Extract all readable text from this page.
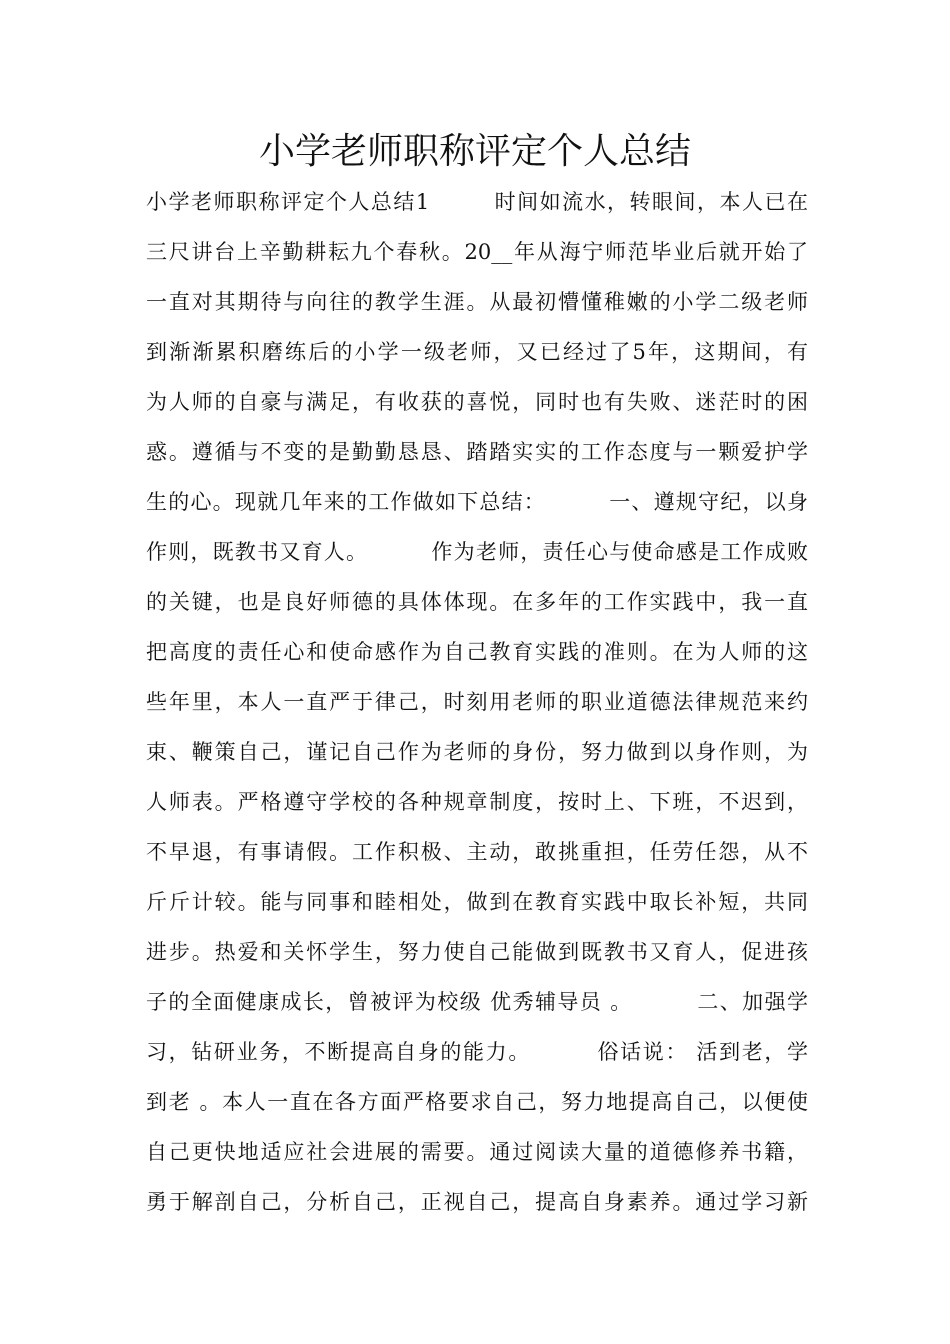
小学老师职称评定个人总结
小学老师职称评定个人总结1        时间如流水，转眼间，本人已在
三尺讲台上辛勤耕耘九个春秋。20__年从海宁师范毕业后就开始了
一直对其期待与向往的教学生涯。从最初懵懂稚嫩的小学二级老师
到渐渐累积磨练后的小学一级老师，又已经过了5年，这期间，有
为人师的自豪与满足，有收获的喜悦，同时也有失败、迷茫时的困
惑。遵循与不变的是勤勤恳恳、踏踏实实的工作态度与一颗爱护学
生的心。现就几年来的工作做如下总结：        一、遵规守纪，以身
作则，既教书又育人。        作为老师，责任心与使命感是工作成败
的关键，也是良好师德的具体体现。在多年的工作实践中，我一直
把高度的责任心和使命感作为自己教育实践的准则。在为人师的这
些年里，本人一直严于律己，时刻用老师的职业道德法律规范来约
束、鞭策自己，谨记自己作为老师的身份，努力做到以身作则，为
人师表。严格遵守学校的各种规章制度，按时上、下班，不迟到，
不早退，有事请假。工作积极、主动，敢挑重担，任劳任怨，从不
斤斤计较。能与同事和睦相处，做到在教育实践中取长补短，共同
进步。热爱和关怀学生，努力使自己能做到既教书又育人，促进孩
子的全面健康成长，曾被评为校级 优秀辅导员 。        二、加强学
习，钻研业务，不断提高自身的能力。        俗话说： 活到老，学
到老 。本人一直在各方面严格要求自己，努力地提高自己，以便使
自己更快地适应社会进展的需要。通过阅读大量的道德修养书籍，
勇于解剖自己，分析自己，正视自己，提高自身素养。通过学习新
